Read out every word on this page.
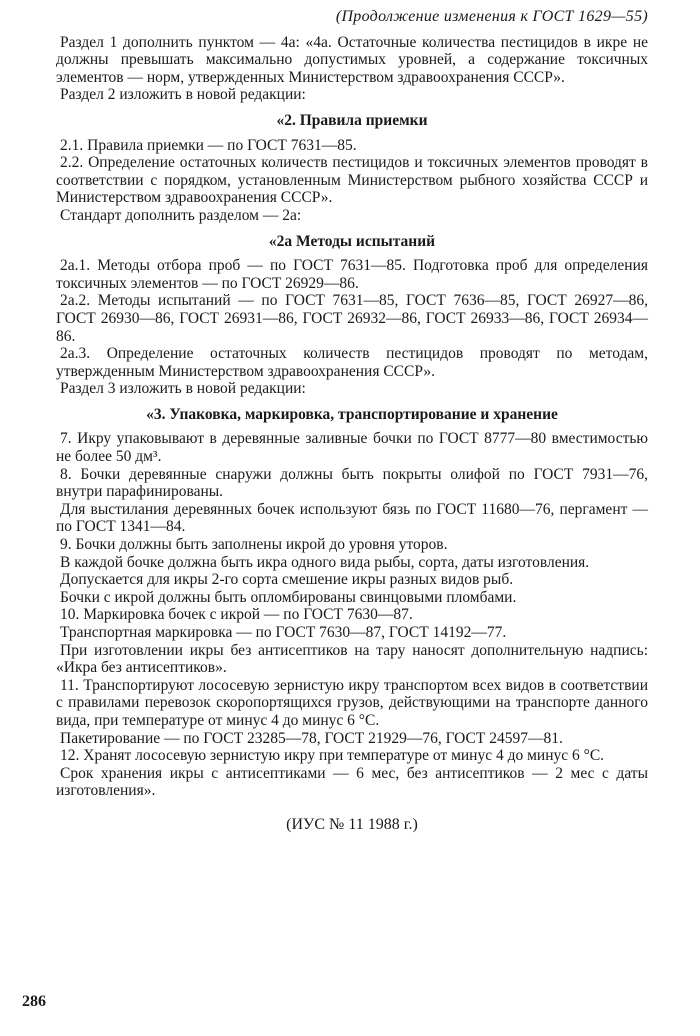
(Продолжение изменения к ГОСТ 1629—55)

Раздел 1 дополнить пунктом — 4а: «4а. Остаточные количества пестицидов в икре не должны превышать максимально допустимых уровней, а содержание токсичных элементов — норм, утвержденных Министерством здравоохранения СССР».

Раздел 2 изложить в новой редакции:

«2. Правила приемки

2.1. Правила приемки — по ГОСТ 7631—85.

2.2. Определение остаточных количеств пестицидов и токсичных элементов проводят в соответствии с порядком, установленным Министерством рыбного хозяйства СССР и Министерством здравоохранения СССР».

Стандарт дополнить разделом — 2а:

«2а Методы испытаний

2а.1. Методы отбора проб — по ГОСТ 7631—85. Подготовка проб для определения токсичных элементов — по ГОСТ 26929—86.

2а.2. Методы испытаний — по ГОСТ 7631—85, ГОСТ 7636—85, ГОСТ 26927—86, ГОСТ 26930—86, ГОСТ 26931—86, ГОСТ 26932—86, ГОСТ 26933—86, ГОСТ 26934—86.

2а.3. Определение остаточных количеств пестицидов проводят по методам, утвержденным Министерством здравоохранения СССР».

Раздел 3 изложить в новой редакции:

«3. Упаковка, маркировка, транспортирование и хранение

7. Икру упаковывают в деревянные заливные бочки по ГОСТ 8777—80 вместимостью не более 50 дм³.

8. Бочки деревянные снаружи должны быть покрыты олифой по ГОСТ 7931—76, внутри парафинированы.

Для выстилания деревянных бочек используют бязь по ГОСТ 11680—76, пергамент — по ГОСТ 1341—84.

9. Бочки должны быть заполнены икрой до уровня уторов.

В каждой бочке должна быть икра одного вида рыбы, сорта, даты изготовления.

Допускается для икры 2-го сорта смешение икры разных видов рыб.

Бочки с икрой должны быть опломбированы свинцовыми пломбами.

10. Маркировка бочек с икрой — по ГОСТ 7630—87.

Транспортная маркировка — по ГОСТ 7630—87, ГОСТ 14192—77.

При изготовлении икры без антисептиков на тару наносят дополнительную надпись: «Икра без антисептиков».

11. Транспортируют лососевую зернистую икру транспортом всех видов в соответствии с правилами перевозок скоропортящихся грузов, действующими на транспорте данного вида, при температуре от минус 4 до минус 6 °С.

Пакетирование — по ГОСТ 23285—78, ГОСТ 21929—76, ГОСТ 24597—81.

12. Хранят лососевую зернистую икру при температуре от минус 4 до минус 6 °С.

Срок хранения икры с антисептиками — 6 мес, без антисептиков — 2 мес с даты изготовления».

(ИУС № 11 1988 г.)
286
